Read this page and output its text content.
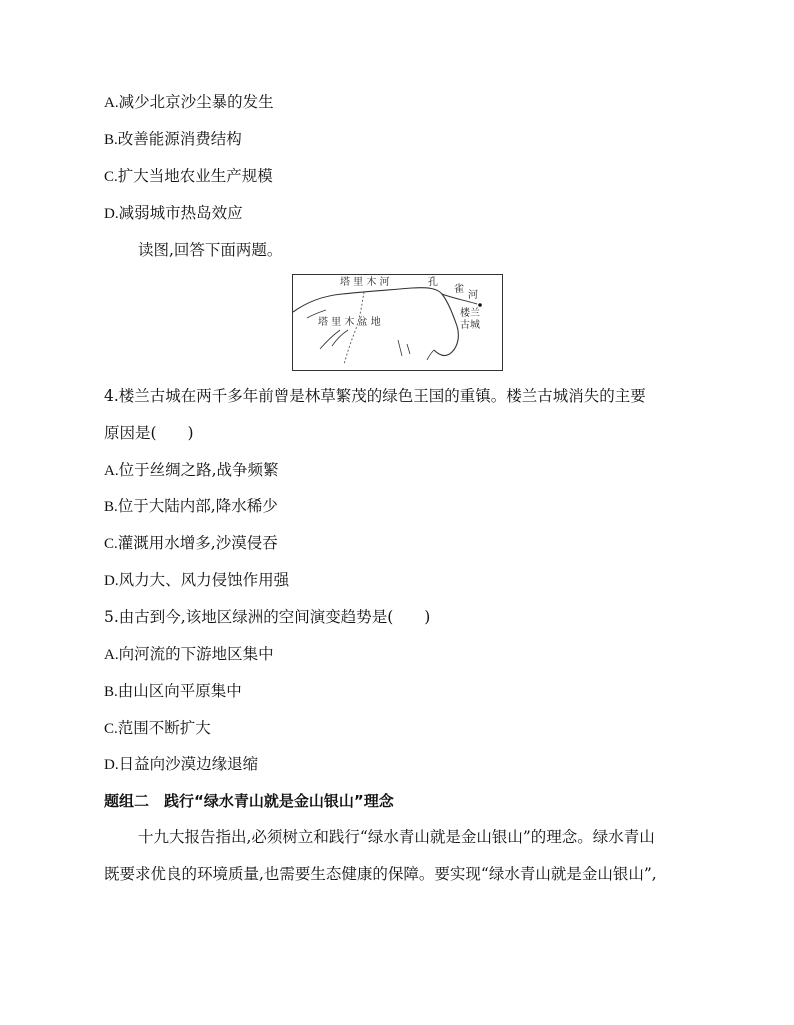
A.减少北京沙尘暴的发生
B.改善能源消费结构
C.扩大当地农业生产规模
D.减弱城市热岛效应
读图,回答下面两题。
塔 里 木 河	孔
雀
河
塔 里 木 盆 地
楼兰
古城
4.楼兰古城在两千多年前曾是林草繁茂的绿色王国的重镇。楼兰古城消失的主要
原因是(　　)
A.位于丝绸之路,战争频繁
B.位于大陆内部,降水稀少
C.灌溉用水增多,沙漠侵吞
D.风力大、风力侵蚀作用强
5.由古到今,该地区绿洲的空间演变趋势是(　　)
A.向河流的下游地区集中
B.由山区向平原集中
C.范围不断扩大
D.日益向沙漠边缘退缩
题组二　践行“绿水青山就是金山银山”理念
十九大报告指出,必须树立和践行“绿水青山就是金山银山”的理念。绿水青山
既要求优良的环境质量,也需要生态健康的保障。要实现“绿水青山就是金山银山”,
